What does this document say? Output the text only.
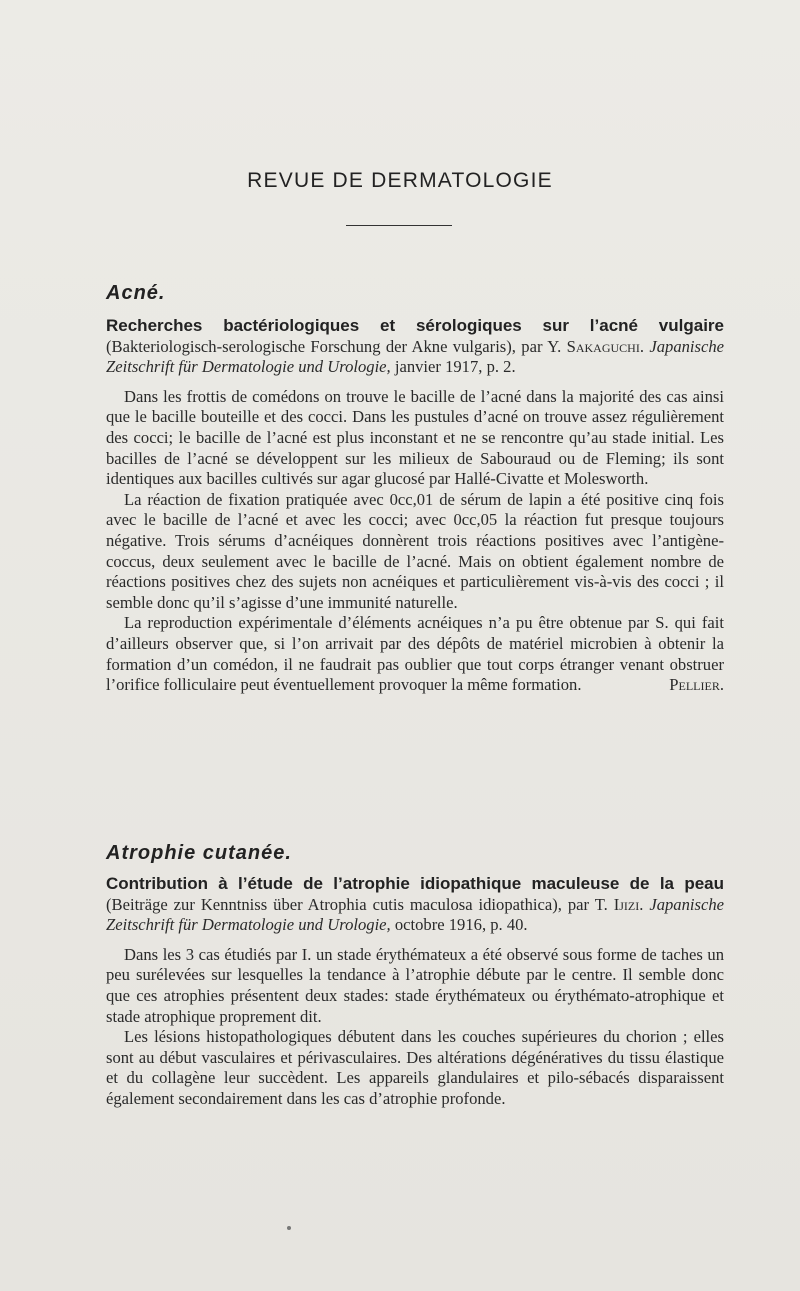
REVUE DE DERMATOLOGIE
Acné.

Recherches bactériologiques et sérologiques sur l’acné vulgaire (Bakteriologisch-serologische Forschung der Akne vulgaris), par Y. Sakaguchi. Japanische Zeitschrift für Dermatologie und Urologie, janvier 1917, p. 2.

Dans les frottis de comédons on trouve le bacille de l’acné dans la majorité des cas ainsi que le bacille bouteille et des cocci. Dans les pustules d’acné on trouve assez régulièrement des cocci; le bacille de l’acné est plus inconstant et ne se rencontre qu’au stade initial. Les bacilles de l’acné se développent sur les milieux de Sabouraud ou de Fleming; ils sont identiques aux bacilles cultivés sur agar glucosé par Hallé-Civatte et Molesworth.

La réaction de fixation pratiquée avec 0cc,01 de sérum de lapin a été positive cinq fois avec le bacille de l’acné et avec les cocci; avec 0cc,05 la réaction fut presque toujours négative. Trois sérums d’acnéiques donnèrent trois réactions positives avec l’antigène-coccus, deux seulement avec le bacille de l’acné. Mais on obtient également nombre de réactions positives chez des sujets non acnéiques et particulièrement vis-à-vis des cocci ; il semble donc qu’il s’agisse d’une immunité naturelle.

La reproduction expérimentale d’éléments acnéiques n’a pu être obtenue par S. qui fait d’ailleurs observer que, si l’on arrivait par des dépôts de matériel microbien à obtenir la formation d’un comédon, il ne faudrait pas oublier que tout corps étranger venant obstruer l’orifice folliculaire peut éventuellement provoquer la même formation.	Pellier.

Atrophie cutanée.

Contribution à l’étude de l’atrophie idiopathique maculeuse de la peau (Beiträge zur Kenntniss über Atrophia cutis maculosa idiopathica), par T. Ijizi. Japanische Zeitschrift für Dermatologie und Urologie, octobre 1916, p. 40.

Dans les 3 cas étudiés par I. un stade érythémateux a été observé sous forme de taches un peu surélevées sur lesquelles la tendance à l’atrophie débute par le centre. Il semble donc que ces atrophies présentent deux stades: stade érythémateux ou érythémato-atrophique et stade atrophique proprement dit.

Les lésions histopathologiques débutent dans les couches supérieures du chorion ; elles sont au début vasculaires et périvasculaires. Des altérations dégénératives du tissu élastique et du collagène leur succèdent. Les appareils glandulaires et pilo-sébacés disparaissent également secondairement dans les cas d’atrophie profonde.
